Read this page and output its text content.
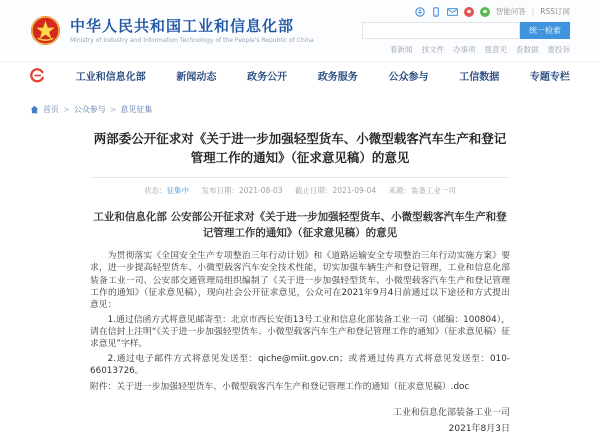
中华人民共和国工业和信息化部
Ministry of Industry and Information Technology of the People's Republic of China
智能问答 | RSS订阅
统一检索
看新闻 找文件 办事项 提意见 查数据 要投诉
工业和信息化部	新闻动态	政务公开	政务服务	公众参与	工信数据	专题专栏
首页 > 公众参与 > 意见征集
两部委公开征求对《关于进一步加强轻型货车、小微型载客汽车生产和登记管理工作的通知》（征求意见稿）的意见
状态：征集中 发布日期：2021-08-03 截止日期：2021-09-04 来源：装备工业一司
工业和信息化部 公安部公开征求对《关于进一步加强轻型货车、小微型载客汽车生产和登记管理工作的通知》（征求意见稿）的意见

为贯彻落实《全国安全生产专项整治三年行动计划》和《道路运输安全专项整治三年行动实施方案》要求，进一步提高轻型货车、小微型载客汽车安全技术性能，切实加强车辆生产和登记管理，工业和信息化部装备工业一司、公安部交通管理局组织编制了《关于进一步加强轻型货车、小微型载客汽车生产和登记管理工作的通知》（征求意见稿），现向社会公开征求意见，公众可在2021年9月4日前通过以下途径和方式提出意见：

1.通过信函方式将意见邮寄至：北京市西长安街13号工业和信息化部装备工业一司（邮编：100804），请在信封上注明“《关于进一步加强轻型货车、小微型载客汽车生产和登记管理工作的通知》（征求意见稿）征求意见”字样。

2.通过电子邮件方式将意见发送至：qiche@miit.gov.cn；或者通过传真方式将意见发送至：010-66013726。

附件：关于进一步加强轻型货车、小微型载客汽车生产和登记管理工作的通知（征求意见稿）.doc

工业和信息化部装备工业一司
2021年8月3日
